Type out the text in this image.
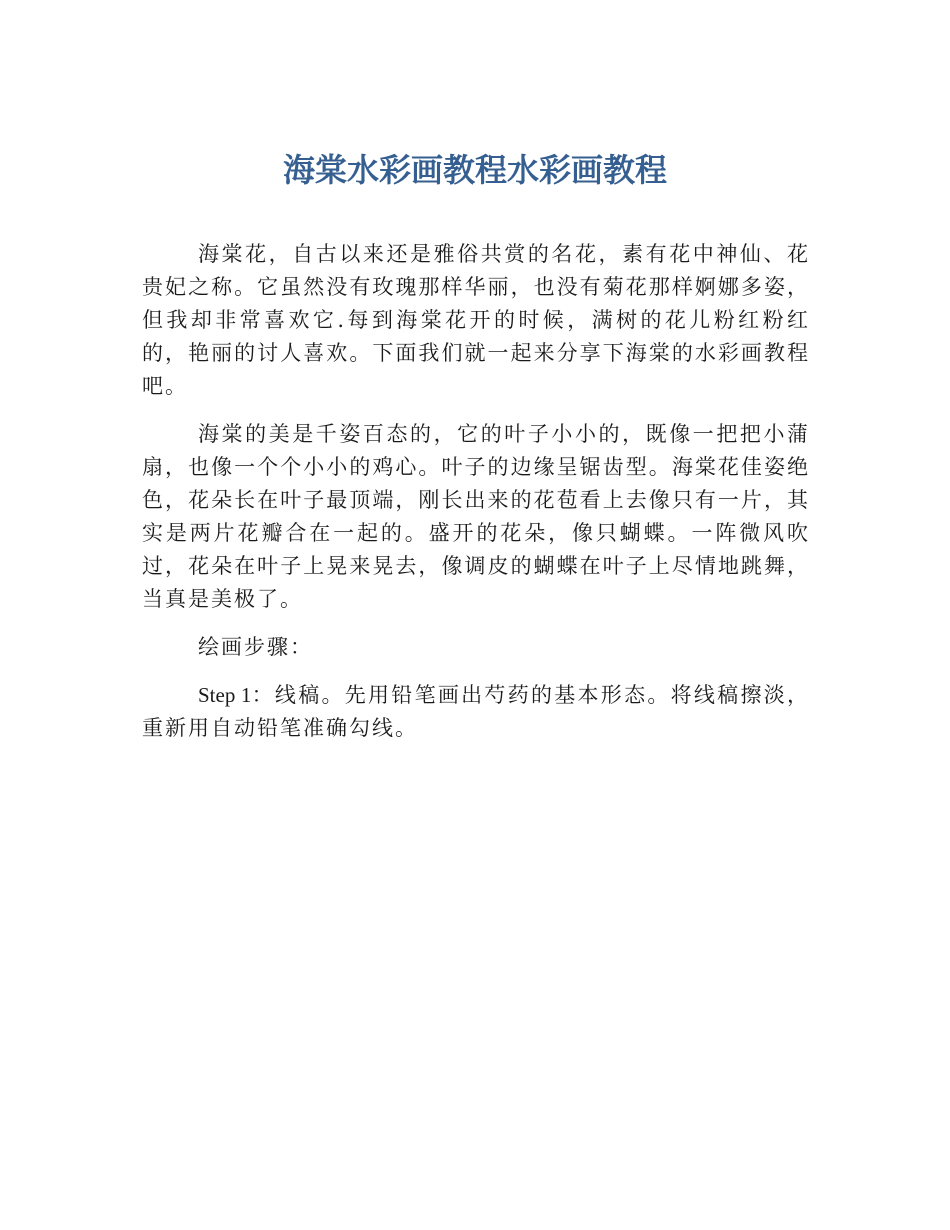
海棠水彩画教程水彩画教程

海棠花，自古以来还是雅俗共赏的名花，素有花中神仙、花贵妃之称。它虽然没有玫瑰那样华丽，也没有菊花那样婀娜多姿，但我却非常喜欢它.每到海棠花开的时候，满树的花儿粉红粉红的，艳丽的讨人喜欢。下面我们就一起来分享下海棠的水彩画教程吧。

海棠的美是千姿百态的，它的叶子小小的，既像一把把小蒲扇，也像一个个小小的鸡心。叶子的边缘呈锯齿型。海棠花佳姿绝色，花朵长在叶子最顶端，刚长出来的花苞看上去像只有一片，其实是两片花瓣合在一起的。盛开的花朵，像只蝴蝶。一阵微风吹过，花朵在叶子上晃来晃去，像调皮的蝴蝶在叶子上尽情地跳舞，当真是美极了。

绘画步骤：

Step 1：线稿。先用铅笔画出芍药的基本形态。将线稿擦淡，重新用自动铅笔准确勾线。
